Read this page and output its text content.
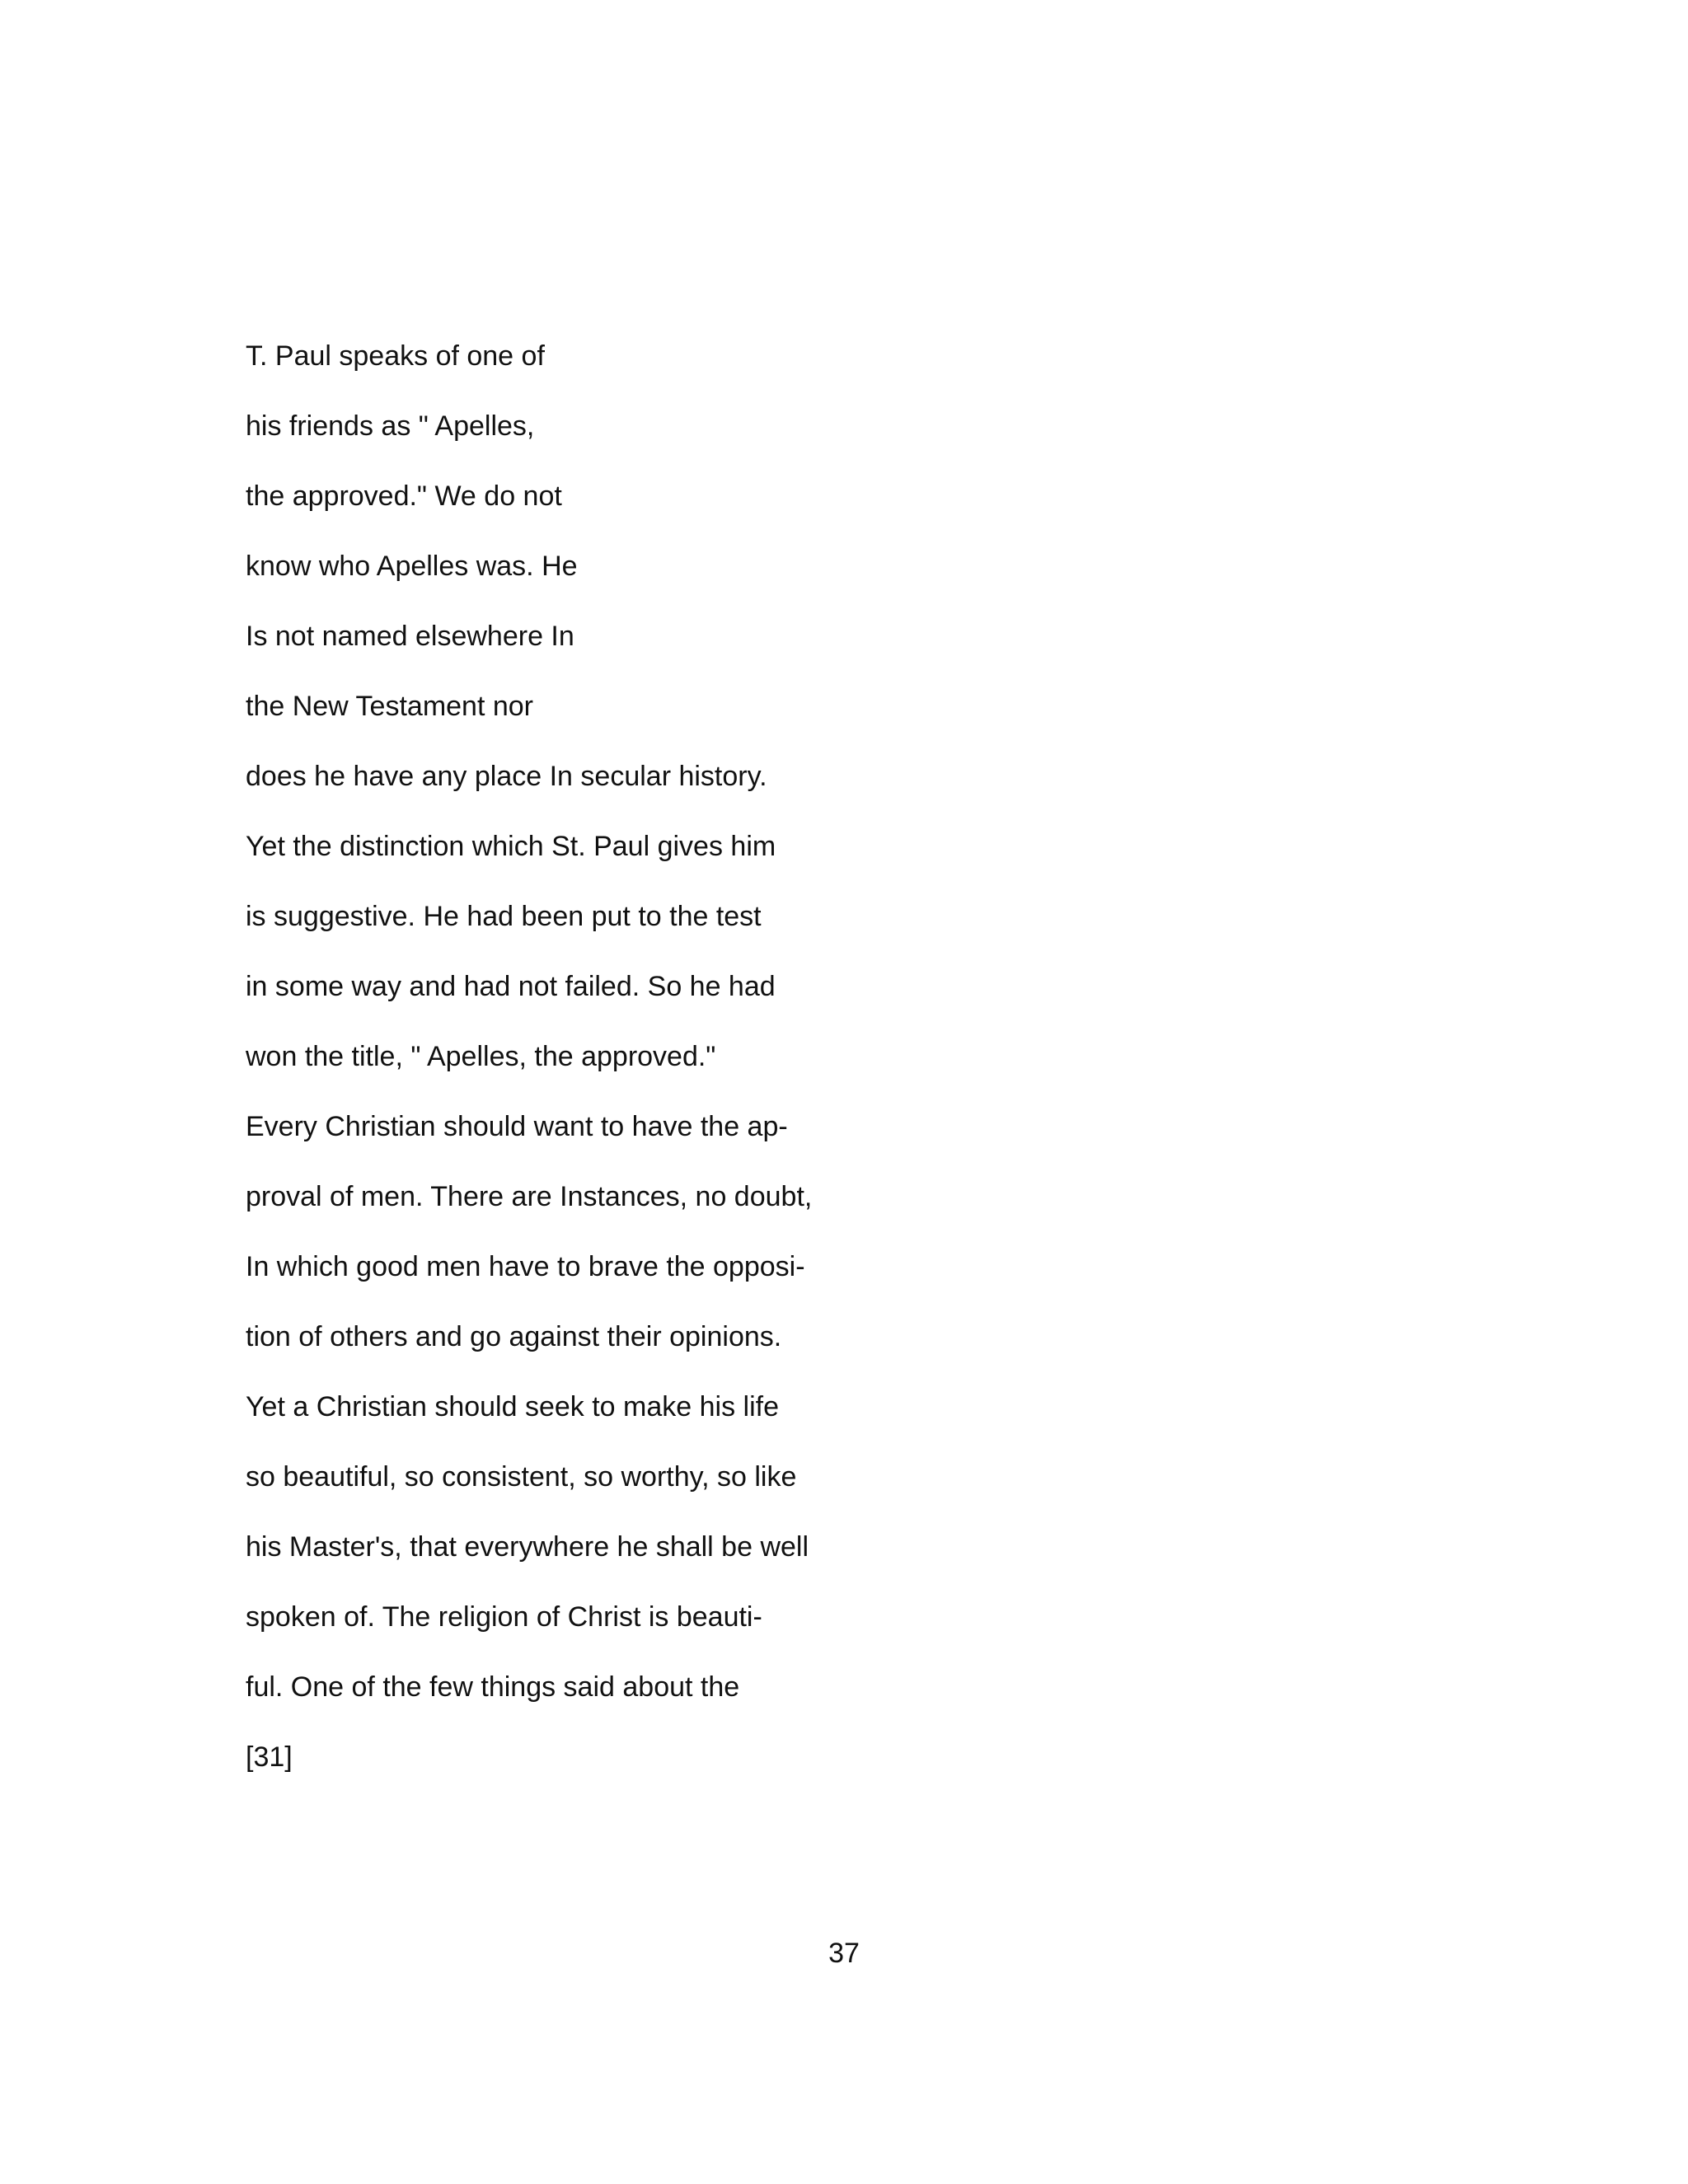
T. Paul speaks of one of
his friends as " Apelles,
the approved." We do not
know who Apelles was. He
Is not named elsewhere In
the New Testament nor
does he have any place In secular history.
Yet the distinction which St. Paul gives him
is suggestive. He had been put to the test
in some way and had not failed. So he had
won the title, " Apelles, the approved."
Every Christian should want to have the ap-
proval of men. There are Instances, no doubt,
In which good men have to brave the opposi-
tion of others and go against their opinions.
Yet a Christian should seek to make his life
so beautiful, so consistent, so worthy, so like
his Master's, that everywhere he shall be well
spoken of. The religion of Christ is beauti-
ful. One of the few things said about the
[31]
37
